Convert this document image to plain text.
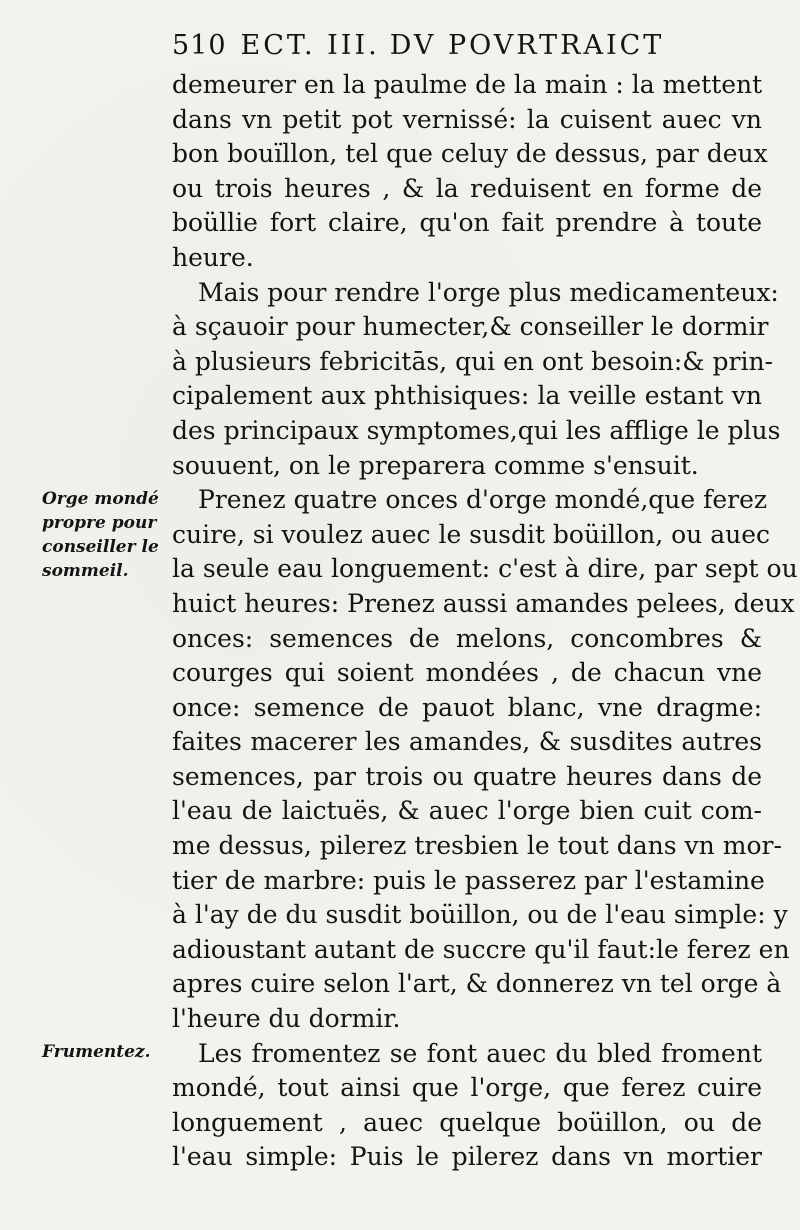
510 ECT. III. DV POVRTRAICT
Orge mondé
propre pour
conseiller le
sommeil.
Frumentez.
demeurer en la paulme de la main : la mettent
dans vn petit pot vernissé: la cuisent auec vn
bon bouïllon, tel que celuy de dessus, par deux
ou trois heures , & la reduisent en forme de
boüllie fort claire, qu'on fait prendre à toute
heure.
Mais pour rendre l'orge plus medicamenteux:
à sçauoir pour humecter,& conseiller le dormir
à plusieurs febricitās, qui en ont besoin:& prin-
cipalement aux phthisiques: la veille estant vn
des principaux symptomes,qui les afflige le plus
souuent, on le preparera comme s'ensuit.
Prenez quatre onces d'orge mondé,que ferez
cuire, si voulez auec le susdit boüillon, ou auec
la seule eau longuement: c'est à dire, par sept ou
huict heures: Prenez aussi amandes pelees, deux
onces: semences de melons, concombres &
courges qui soient mondées , de chacun vne
once: semence de pauot blanc, vne dragme:
faites macerer les amandes, & susdites autres
semences, par trois ou quatre heures dans de
l'eau de laictuës, & auec l'orge bien cuit com-
me dessus, pilerez tresbien le tout dans vn mor-
tier de marbre: puis le passerez par l'estamine
à l'ay de du susdit boüillon, ou de l'eau simple: y
adioustant autant de succre qu'il faut:le ferez en
apres cuire selon l'art, & donnerez vn tel orge à
l'heure du dormir.
Les fromentez se font auec du bled froment
mondé, tout ainsi que l'orge, que ferez cuire
longuement , auec quelque boüillon, ou de
l'eau simple: Puis le pilerez dans vn mortier
